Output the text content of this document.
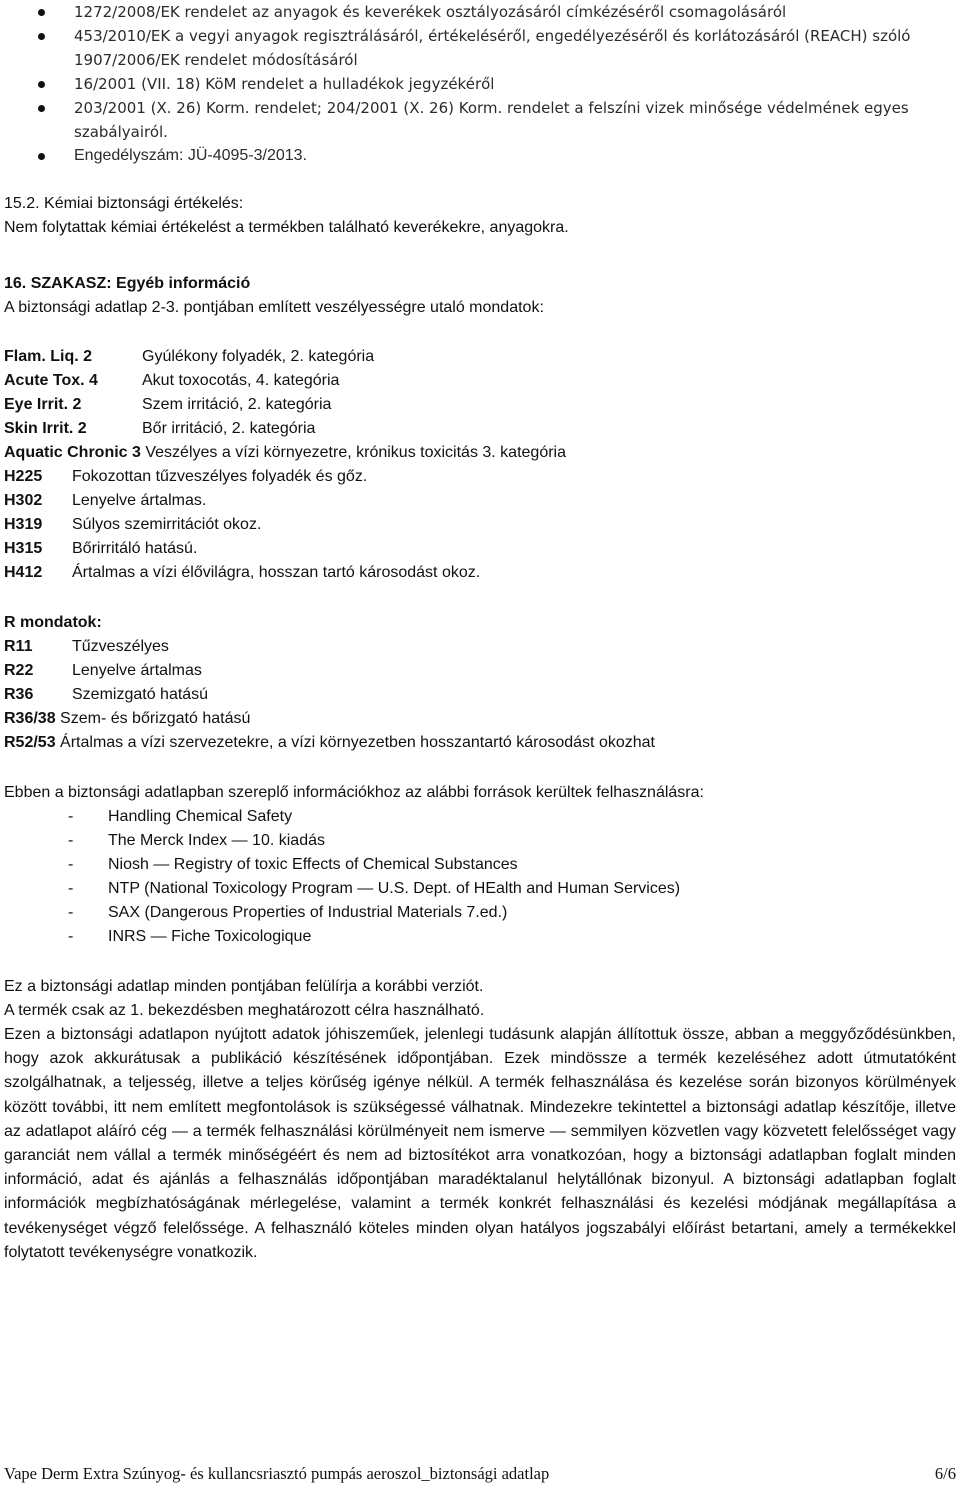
1272/2008/EK rendelet az anyagok és keverékek osztályozásáról címkézéséről csomagolásáról
453/2010/EK a vegyi anyagok regisztrálásáról, értékeléséről, engedélyezéséről és korlátozásáról (REACH) szóló 1907/2006/EK rendelet módosításáról
16/2001 (VII. 18) KöM rendelet a hulladékok jegyzékéről
203/2001 (X. 26) Korm. rendelet; 204/2001 (X. 26) Korm. rendelet a felszíni vizek minősége védelmének egyes szabályairól.
Engedélyszám: JÜ-4095-3/2013.
15.2. Kémiai biztonsági értékelés:
Nem folytattak kémiai értékelést a termékben található keverékekre, anyagokra.
16. SZAKASZ: Egyéb információ
A biztonsági adatlap 2-3. pontjában említett veszélyességre utaló mondatok:
Flam. Liq. 2	Gyúlékony folyadék, 2. kategória
Acute Tox. 4	Akut toxocotás, 4. kategória
Eye Irrit. 2	Szem irritáció, 2. kategória
Skin Irrit. 2	Bőr irritáció, 2. kategória
Aquatic Chronic 3 Veszélyes a vízi környezetre, krónikus toxicitás 3. kategória
H225 Fokozottan tűzveszélyes folyadék és gőz.
H302 Lenyelve ártalmas.
H319 Súlyos szemirritációt okoz.
H315 Bőrirritáló hatású.
H412 Ártalmas a vízi élővilágra, hosszan tartó károsodást okoz.
R mondatok:
R11 Tűzveszélyes
R22 Lenyelve ártalmas
R36 Szemizgató hatású
R36/38 Szem- és bőrizgató hatású
R52/53 Ártalmas a vízi szervezetekre, a vízi környezetben hosszantartó károsodást okozhat
Ebben a biztonsági adatlapban szereplő információkhoz az alábbi források kerültek felhasználásra:
- Handling Chemical Safety
- The Merck Index — 10. kiadás
- Niosh — Registry of toxic Effects of Chemical Substances
- NTP (National Toxicology Program — U.S. Dept. of HEalth and Human Services)
- SAX (Dangerous Properties of Industrial Materials 7.ed.)
- INRS — Fiche Toxicologique
Ez a biztonsági adatlap minden pontjában felülírja a korábbi verziót.
A termék csak az 1. bekezdésben meghatározott célra használható.
Ezen a biztonsági adatlapon nyújtott adatok jóhiszeműek, jelenlegi tudásunk alapján állítottuk össze, abban a meggyőződésünkben, hogy azok akkurátusak a publikáció készítésének időpontjában. Ezek mindössze a termék kezeléséhez adott útmutatóként szolgálhatnak, a teljesség, illetve a teljes körűség igénye nélkül. A termék felhasználása és kezelése során bizonyos körülmények között további, itt nem említett megfontolások is szükségessé válhatnak. Mindezekre tekintettel a biztonsági adatlap készítője, illetve az adatlapot aláíró cég — a termék felhasználási körülményeit nem ismerve — semmilyen közvetlen vagy közvetett felelősséget vagy garanciát nem vállal a termék minőségéért és nem ad biztosítékot arra vonatkozóan, hogy a biztonsági adatlapban foglalt minden információ, adat és ajánlás a felhasználás időpontjában maradéktalanul helytállónak bizonyul. A biztonsági adatlapban foglalt információk megbízhatóságának mérlegelése, valamint a termék konkrét felhasználási és kezelési módjának megállapítása a tevékenységet végző felelőssége. A felhasználó köteles minden olyan hatályos jogszabályi előírást betartani, amely a termékekkel folytatott tevékenységre vonatkozik.
Vape Derm Extra Szúnyog- és kullancsriasztó pumpás aeroszol_biztonsági adatlap	6/6
